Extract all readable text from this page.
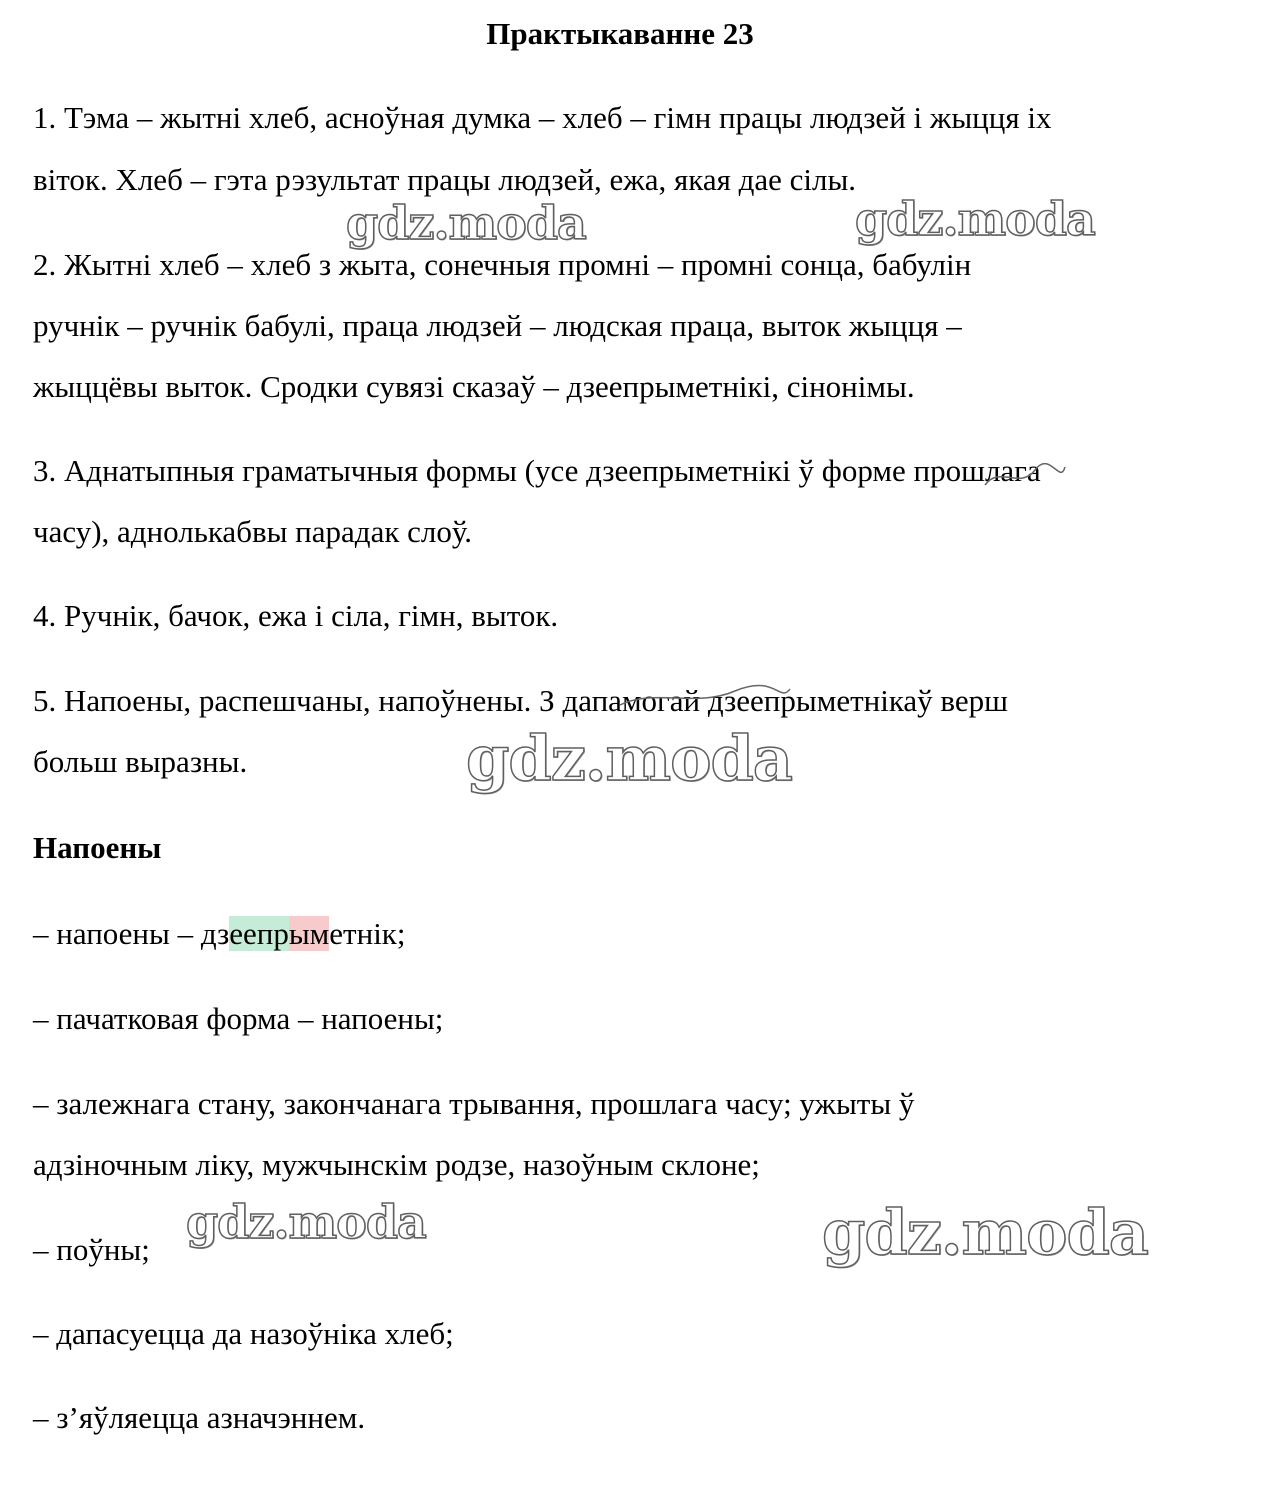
Практыкаванне 23
1. Тэма – жытні хлеб, асноўная думка – хлеб – гімн працы людзей і жыцця іх
віток. Хлеб – гэта рэзультат працы людзей, ежа, якая дае сілы.
2. Жытні хлеб – хлеб з жыта, сонечныя промні – промні сонца, бабулін
ручнік – ручнік бабулі, праца людзей – людская праца, выток жыцця –
жыццёвы выток. Сродки сувязі сказаў – дзеепрыметнікі, сінонімы.
3. Аднатыпныя граматычныя формы (усе дзеепрыметнікі ў форме прошлага
часу), аднолькабвы парадак слоў.
4. Ручнік, бачок, ежа і сіла, гімн, выток.
5. Напоены, распешчаны, напоўнены. З дапамогай дзеепрыметнікаў верш
больш выразны.
Напоены
– напоены – дзеепрыметнік;
– пачатковая форма – напоены;
– залежнага стану, закончанага трывання, прошлага часу; ужыты ў
адзіночным ліку, мужчынскім родзе, назоўным склоне;
– поўны;
– дапасуецца да назоўніка хлеб;
– з’яўляецца азначэннем.
gdz.moda	gdz.moda
gdz.moda
gdz.moda	gdz.moda
